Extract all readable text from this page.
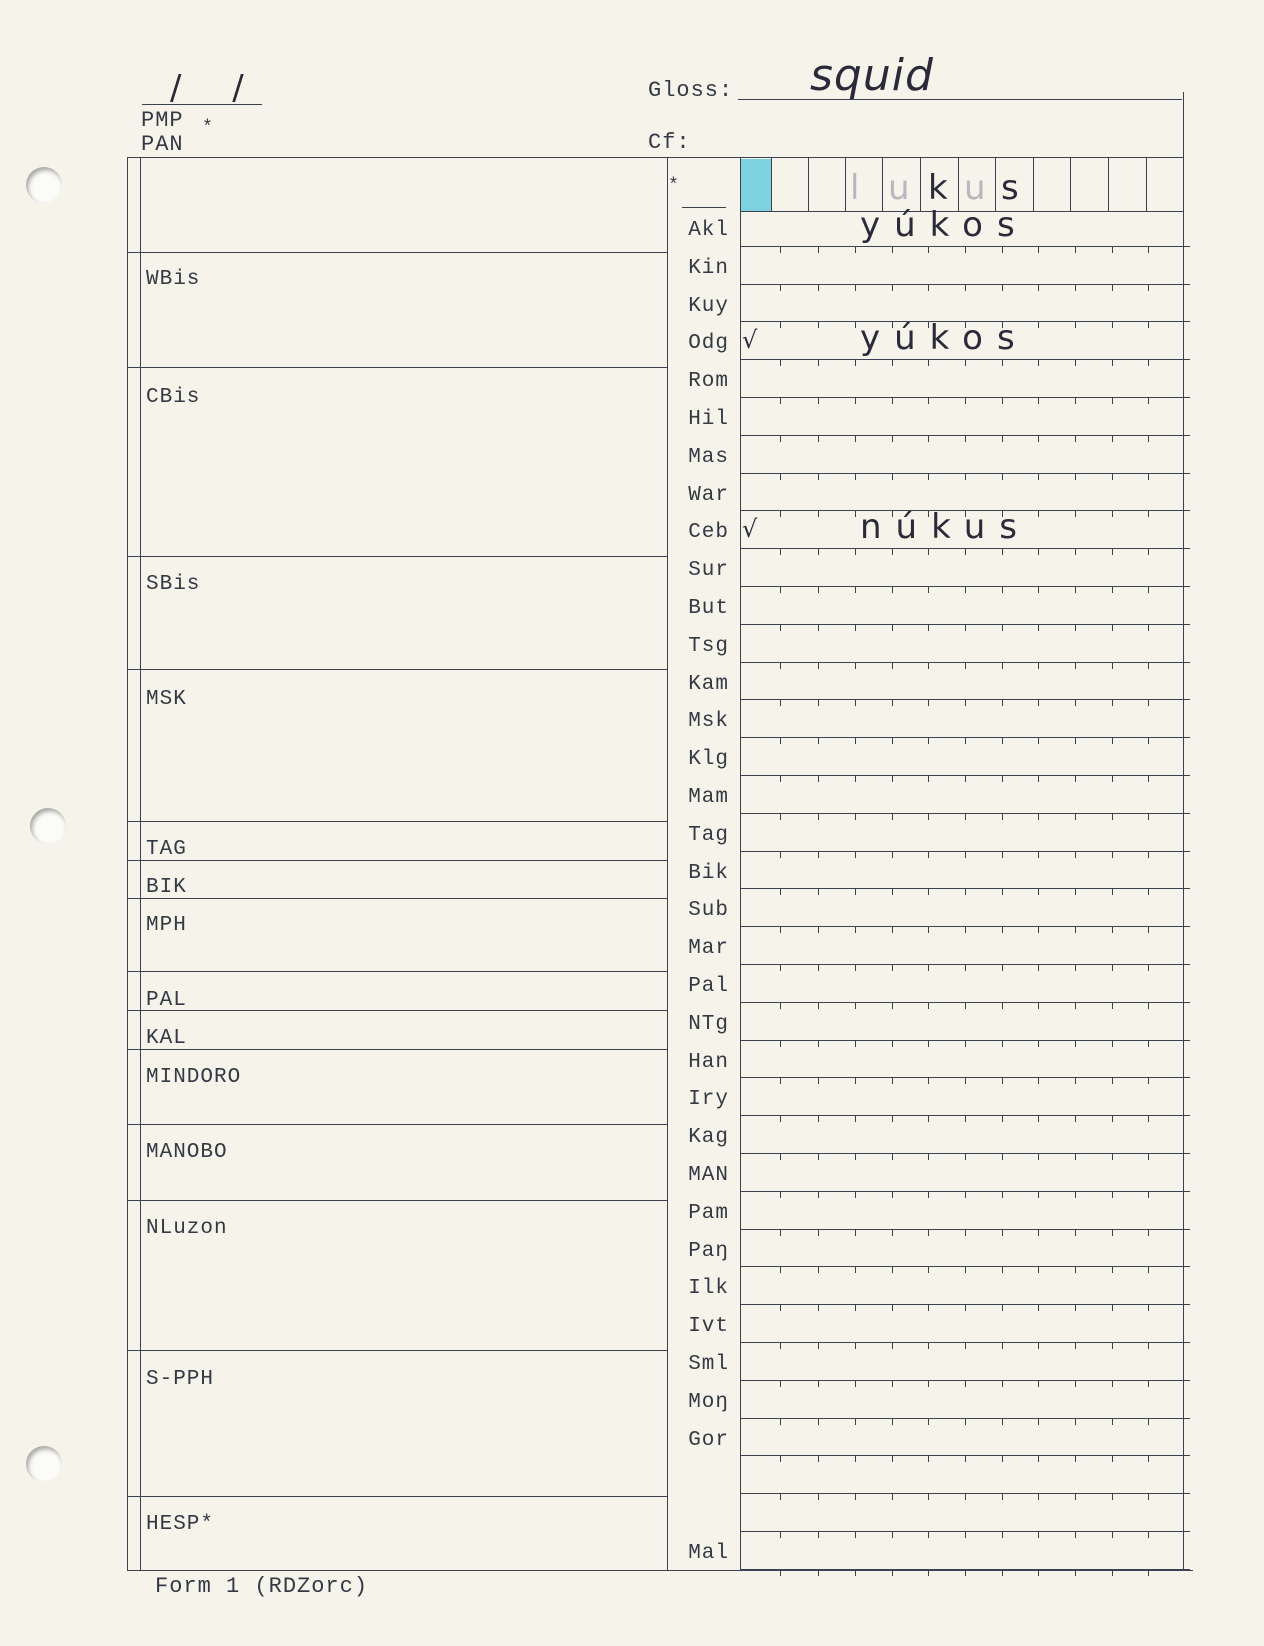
/ /
PMP *
PAN
Gloss: squid
Cf:
*	l u k u s
WBis
CBis
SBis
MSK
TAG
BIK
MPH
PAL
KAL
MINDORO
MANOBO
NLuzon
S-PPH
HESP*
Akl	yúkos
Kin
Kuy
Odg √	yúkos
Rom
Hil
Mas
War
Ceb √	núkus
Sur
But
Tsg
Kam
Msk
Klg
Mam
Tag
Bik
Sub
Mar
Pal
NTg
Han
Iry
Kag
MAN
Pam
Paŋ
Ilk
Ivt
Sml
Moŋ
Gor
Mal
Form 1 (RDZorc)
